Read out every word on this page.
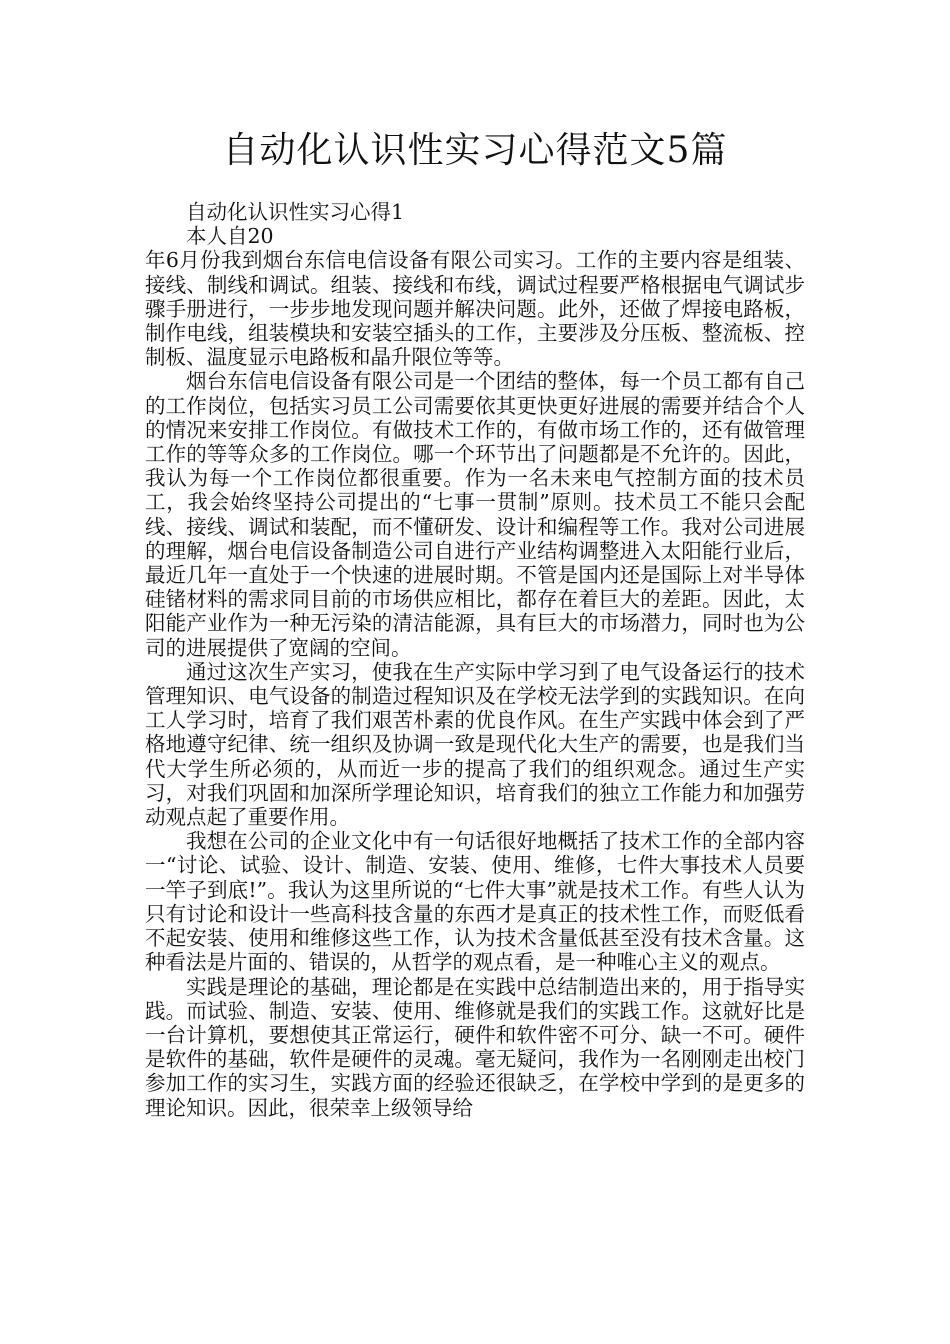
自动化认识性实习心得范文5篇

自动化认识性实习心得1

本人自20

年6月份我到烟台东信电信设备有限公司实习。工作的主要内容是组装、接线、制线和调试。组装、接线和布线，调试过程要严格根据电气调试步骤手册进行，一步步地发现问题并解决问题。此外，还做了焊接电路板，制作电线，组装模块和安装空插头的工作，主要涉及分压板、整流板、控制板、温度显示电路板和晶升限位等等。

烟台东信电信设备有限公司是一个团结的整体，每一个员工都有自己的工作岗位，包括实习员工公司需要依其更快更好进展的需要并结合个人的情况来安排工作岗位。有做技术工作的，有做市场工作的，还有做管理工作的等等众多的工作岗位。哪一个环节出了问题都是不允许的。因此，我认为每一个工作岗位都很重要。作为一名未来电气控制方面的技术员工，我会始终坚持公司提出的“七事一贯制”原则。技术员工不能只会配线、接线、调试和装配，而不懂研发、设计和编程等工作。我对公司进展的理解，烟台电信设备制造公司自进行产业结构调整进入太阳能行业后，最近几年一直处于一个快速的进展时期。不管是国内还是国际上对半导体硅锗材料的需求同目前的市场供应相比，都存在着巨大的差距。因此，太阳能产业作为一种无污染的清洁能源，具有巨大的市场潜力，同时也为公司的进展提供了宽阔的空间。

通过这次生产实习，使我在生产实际中学习到了电气设备运行的技术管理知识、电气设备的制造过程知识及在学校无法学到的实践知识。在向工人学习时，培育了我们艰苦朴素的优良作风。在生产实践中体会到了严格地遵守纪律、统一组织及协调一致是现代化大生产的需要，也是我们当代大学生所必须的，从而近一步的提高了我们的组织观念。通过生产实习，对我们巩固和加深所学理论知识，培育我们的独立工作能力和加强劳动观点起了重要作用。

我想在公司的企业文化中有一句话很好地概括了技术工作的全部内容一“讨论、试验、设计、制造、安装、使用、维修，七件大事技术人员要一竿子到底!”。我认为这里所说的“七件大事”就是技术工作。有些人认为只有讨论和设计一些高科技含量的东西才是真正的技术性工作，而贬低看不起安装、使用和维修这些工作，认为技术含量低甚至没有技术含量。这种看法是片面的、错误的，从哲学的观点看，是一种唯心主义的观点。

实践是理论的基础，理论都是在实践中总结制造出来的，用于指导实践。而试验、制造、安装、使用、维修就是我们的实践工作。这就好比是一台计算机，要想使其正常运行，硬件和软件密不可分、缺一不可。硬件是软件的基础，软件是硬件的灵魂。毫无疑问，我作为一名刚刚走出校门参加工作的实习生，实践方面的经验还很缺乏，在学校中学到的是更多的理论知识。因此，很荣幸上级领导给
